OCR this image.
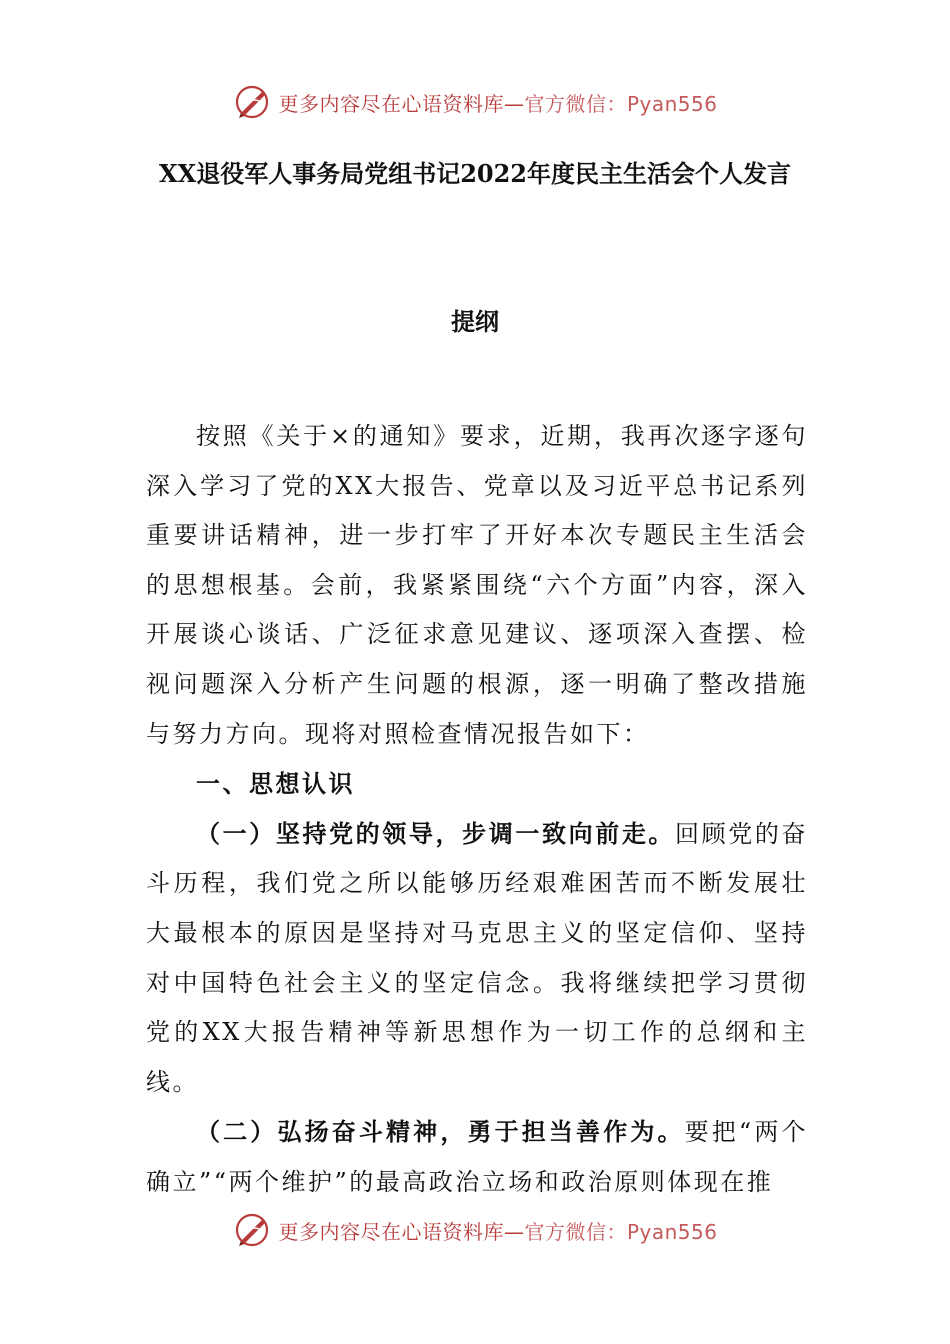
更多内容尽在心语资料库—官方微信：Pyan556
XX退役军人事务局党组书记2022年度民主生活会个人发言
提纲

按照《关于×的通知》要求，近期，我再次逐字逐句深入学习了党的XX大报告、党章以及习近平总书记系列重要讲话精神，进一步打牢了开好本次专题民主生活会的思想根基。会前，我紧紧围绕“六个方面”内容，深入开展谈心谈话、广泛征求意见建议、逐项深入查摆、检视问题深入分析产生问题的根源，逐一明确了整改措施与努力方向。现将对照检查情况报告如下：

一、思想认识

（一）坚持党的领导，步调一致向前走。回顾党的奋斗历程，我们党之所以能够历经艰难困苦而不断发展壮大最根本的原因是坚持对马克思主义的坚定信仰、坚持对中国特色社会主义的坚定信念。我将继续把学习贯彻党的XX大报告精神等新思想作为一切工作的总纲和主线。

（二）弘扬奋斗精神，勇于担当善作为。要把“两个确立”“两个维护”的最高政治立场和政治原则体现在推

更多内容尽在心语资料库—官方微信：Pyan556
